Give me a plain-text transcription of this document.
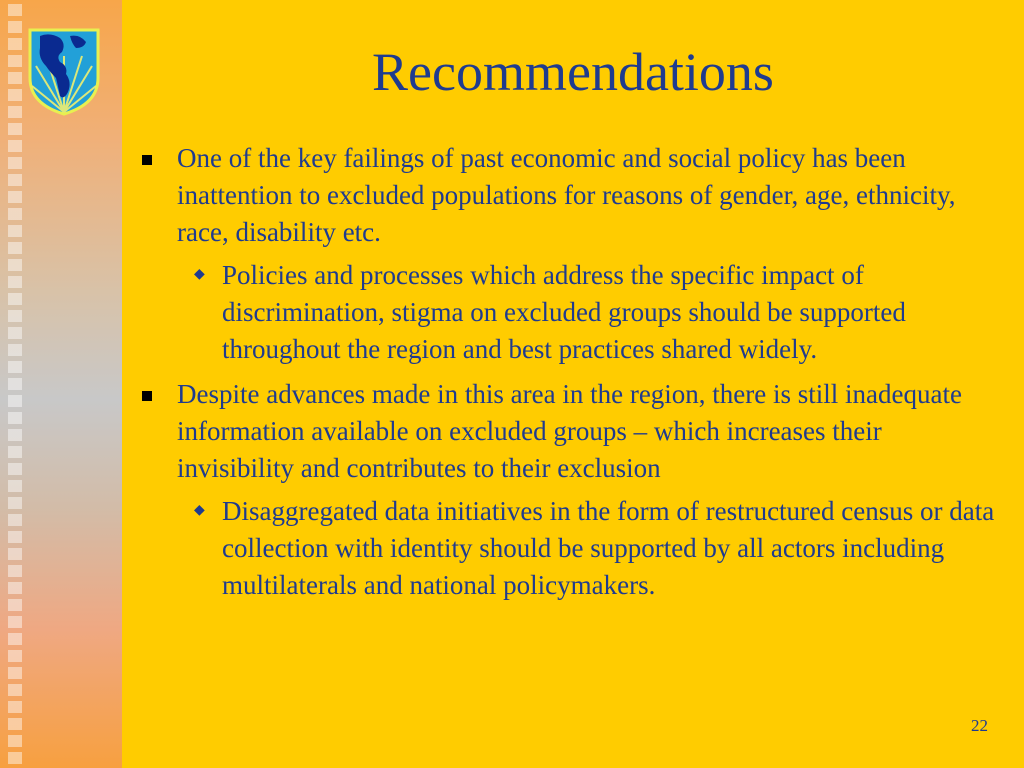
Recommendations
One of the key failings of past economic and social policy has been inattention to excluded populations for reasons of gender, age, ethnicity, race, disability etc.
◆ Policies and processes which address the specific impact of discrimination, stigma on excluded groups should be supported throughout the region and best practices shared widely.
Despite advances made in this area in the region, there is still inadequate information available on excluded groups – which increases their invisibility and contributes to their exclusion
◆ Disaggregated data initiatives in the form of restructured census or data collection with identity should be supported by all actors including multilaterals and national policymakers.
22
